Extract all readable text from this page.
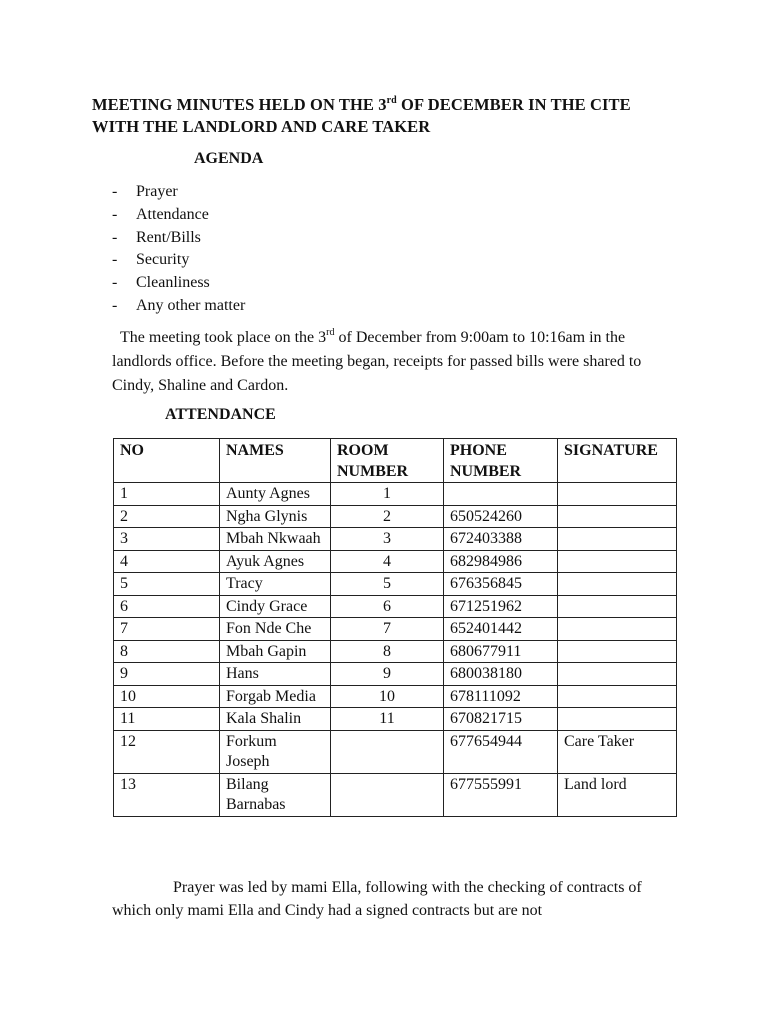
MEETING MINUTES HELD ON THE 3rd OF DECEMBER IN THE CITE
WITH THE LANDLORD AND CARE TAKER
AGENDA
- Prayer
- Attendance
- Rent/Bills
- Security
- Cleanliness
- Any other matter
The meeting took place on the 3rd of December from 9:00am to 10:16am in the landlords office. Before the meeting began, receipts for passed bills were shared to Cindy, Shaline and Cardon.
ATTENDANCE
NO	NAMES	ROOM NUMBER	PHONE NUMBER	SIGNATURE
1	Aunty Agnes	1		
2	Ngha Glynis	2	650524260	
3	Mbah Nkwaah	3	672403388	
4	Ayuk Agnes	4	682984986	
5	Tracy	5	676356845	
6	Cindy Grace	6	671251962	
7	Fon Nde Che	7	652401442	
8	Mbah Gapin	8	680677911	
9	Hans	9	680038180	
10	Forgab Media	10	678111092	
11	Kala Shalin	11	670821715	
12	Forkum Joseph		677654944	Care Taker
13	Bilang Barnabas		677555991	Land lord
Prayer was led by mami Ella, following with the checking of contracts of which only mami Ella and Cindy had a signed contracts but are not
